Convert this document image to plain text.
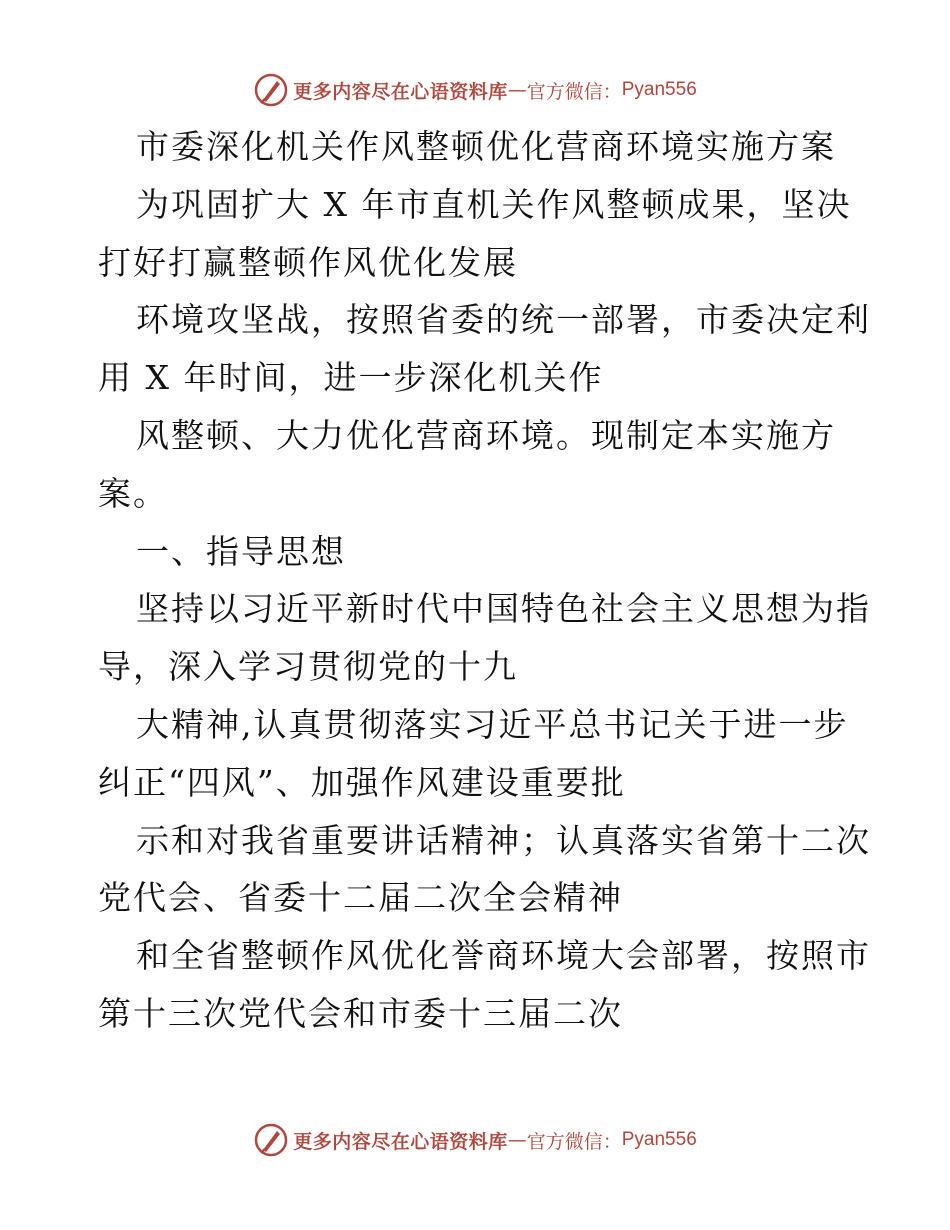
更多内容尽在心语资料库 — 官方微信： Pyan556
市委深化机关作风整顿优化营商环境实施方案
为巩固扩大 X 年市直机关作风整顿成果，坚决
打好打赢整顿作风优化发展
环境攻坚战，按照省委的统一部署，市委决定利
用 X 年时间，进一步深化机关作
风整顿、大力优化营商环境。现制定本实施方
案。
一、指导思想
坚持以习近平新时代中国特色社会主义思想为指
导，深入学习贯彻党的十九
大精神,认真贯彻落实习近平总书记关于进一步
纠正“四风”、加强作风建设重要批
示和对我省重要讲话精神；认真落实省第十二次
党代会、省委十二届二次全会精神
和全省整顿作风优化誉商环境大会部署，按照市
第十三次党代会和市委十三届二次
更多内容尽在心语资料库 — 官方微信： Pyan556
